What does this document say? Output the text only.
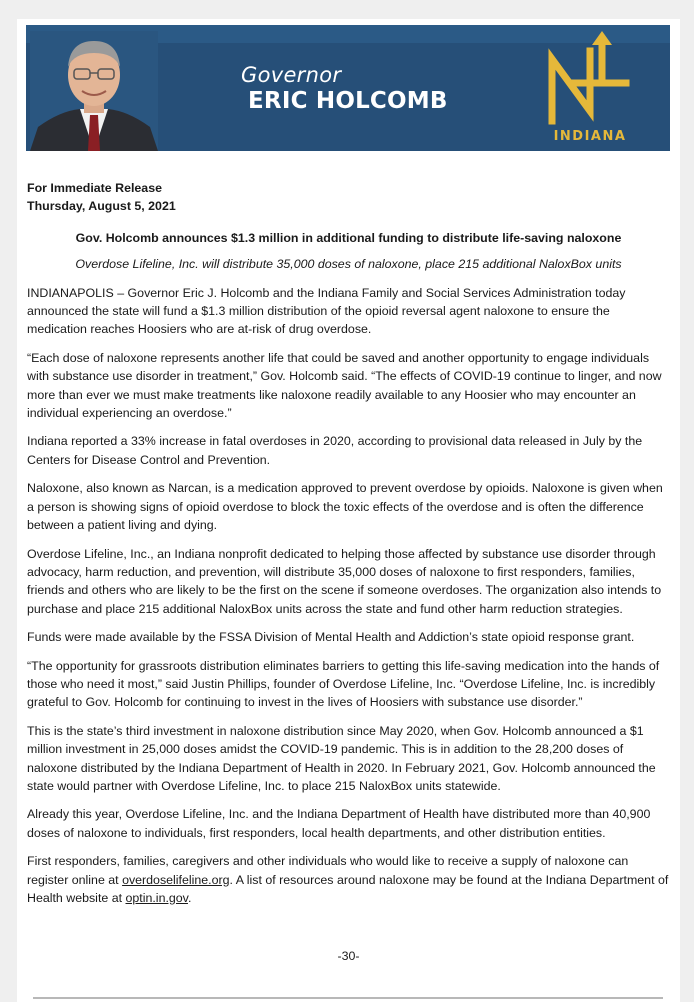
Governor
ERIC HOLCOMB
INDIANA

For Immediate Release

Thursday, August 5, 2021

Gov. Holcomb announces $1.3 million in additional funding to distribute life-saving naloxone

Overdose Lifeline, Inc. will distribute 35,000 doses of naloxone, place 215 additional NaloxBox units

INDIANAPOLIS – Governor Eric J. Holcomb and the Indiana Family and Social Services Administration today announced the state will fund a $1.3 million distribution of the opioid reversal agent naloxone to ensure the medication reaches Hoosiers who are at-risk of drug overdose.

“Each dose of naloxone represents another life that could be saved and another opportunity to engage individuals with substance use disorder in treatment,” Gov. Holcomb said. “The effects of COVID-19 continue to linger, and now more than ever we must make treatments like naloxone readily available to any Hoosier who may encounter an individual experiencing an overdose.”

Indiana reported a 33% increase in fatal overdoses in 2020, according to provisional data released in July by the Centers for Disease Control and Prevention.

Naloxone, also known as Narcan, is a medication approved to prevent overdose by opioids. Naloxone is given when a person is showing signs of opioid overdose to block the toxic effects of the overdose and is often the difference between a patient living and dying.

Overdose Lifeline, Inc., an Indiana nonprofit dedicated to helping those affected by substance use disorder through advocacy, harm reduction, and prevention, will distribute 35,000 doses of naloxone to first responders, families, friends and others who are likely to be the first on the scene if someone overdoses. The organization also intends to purchase and place 215 additional NaloxBox units across the state and fund other harm reduction strategies.

Funds were made available by the FSSA Division of Mental Health and Addiction’s state opioid response grant.

“The opportunity for grassroots distribution eliminates barriers to getting this life-saving medication into the hands of those who need it most,” said Justin Phillips, founder of Overdose Lifeline, Inc. “Overdose Lifeline, Inc. is incredibly grateful to Gov. Holcomb for continuing to invest in the lives of Hoosiers with substance use disorder.”

This is the state’s third investment in naloxone distribution since May 2020, when Gov. Holcomb announced a $1 million investment in 25,000 doses amidst the COVID-19 pandemic. This is in addition to the 28,200 doses of naloxone distributed by the Indiana Department of Health in 2020. In February 2021, Gov. Holcomb announced the state would partner with Overdose Lifeline, Inc. to place 215 NaloxBox units statewide.

Already this year, Overdose Lifeline, Inc. and the Indiana Department of Health have distributed more than 40,900 doses of naloxone to individuals, first responders, local health departments, and other distribution entities.

First responders, families, caregivers and other individuals who would like to receive a supply of naloxone can register online at overdoselifeline.org. A list of resources around naloxone may be found at the Indiana Department of Health website at optin.in.gov.

-30-
